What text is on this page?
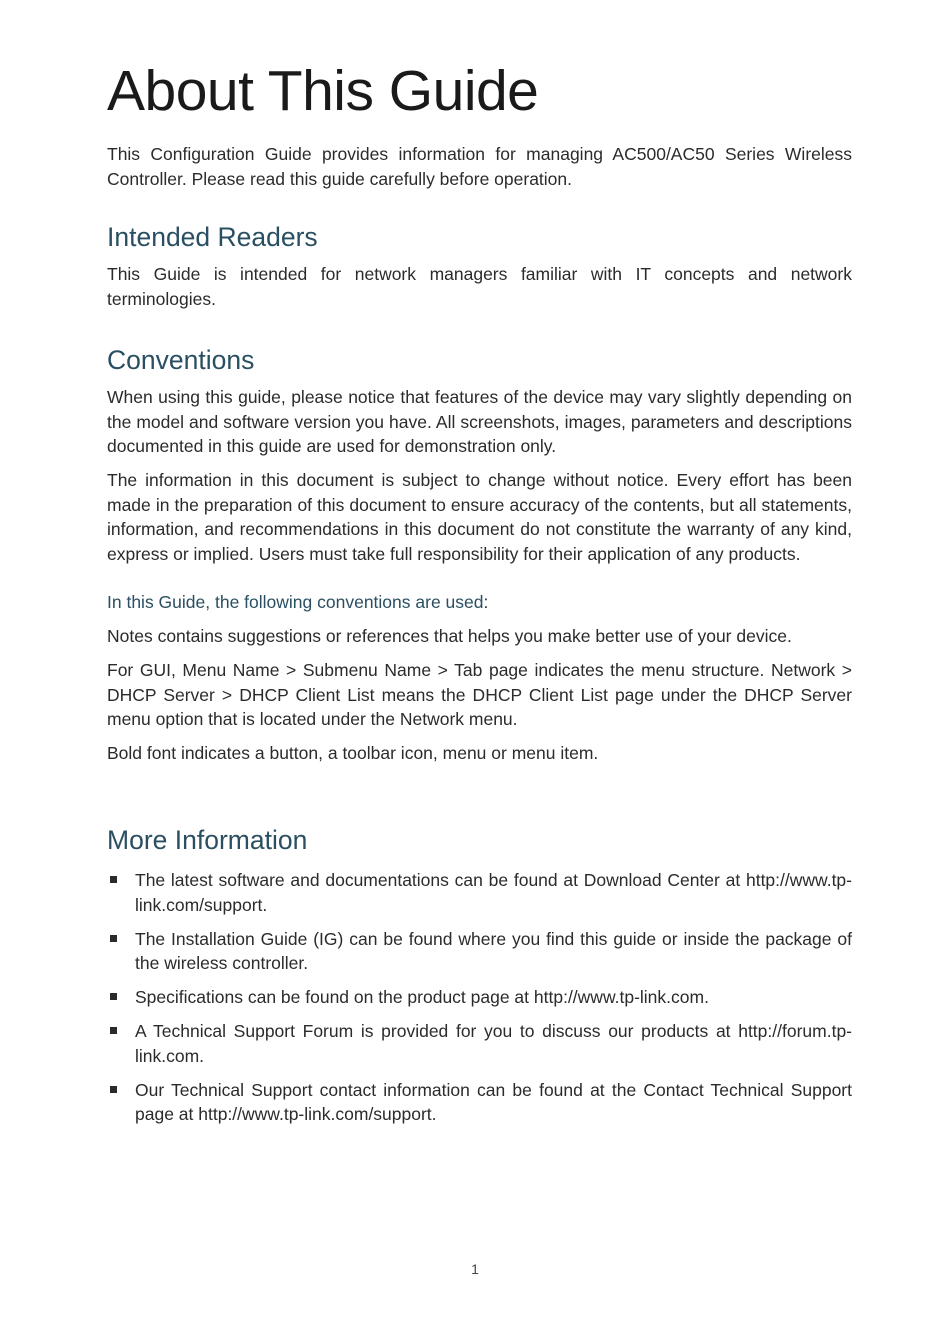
About This Guide

This Configuration Guide provides information for managing AC500/AC50 Series Wireless Controller. Please read this guide carefully before operation.

Intended Readers

This Guide is intended for network managers familiar with IT concepts and network terminologies.

Conventions

When using this guide, please notice that features of the device may vary slightly depending on the model and software version you have. All screenshots, images, parameters and descriptions documented in this guide are used for demonstration only.

The information in this document is subject to change without notice. Every effort has been made in the preparation of this document to ensure accuracy of the contents, but all statements, information, and recommendations in this document do not constitute the warranty of any kind, express or implied. Users must take full responsibility for their application of any products.

In this Guide, the following conventions are used:

Notes contains suggestions or references that helps you make better use of your device.

For GUI, Menu Name > Submenu Name > Tab page indicates the menu structure. Network > DHCP Server > DHCP Client List means the DHCP Client List page under the DHCP Server menu option that is located under the Network menu.

Bold font indicates a button, a toolbar icon, menu or menu item.

More Information
The latest software and documentations can be found at Download Center at http://www.tp-link.com/support.
The Installation Guide (IG) can be found where you find this guide or inside the package of the wireless controller.
Specifications can be found on the product page at http://www.tp-link.com.
A Technical Support Forum is provided for you to discuss our products at http://forum.tp-link.com.
Our Technical Support contact information can be found at the Contact Technical Support page at http://www.tp-link.com/support.
1
